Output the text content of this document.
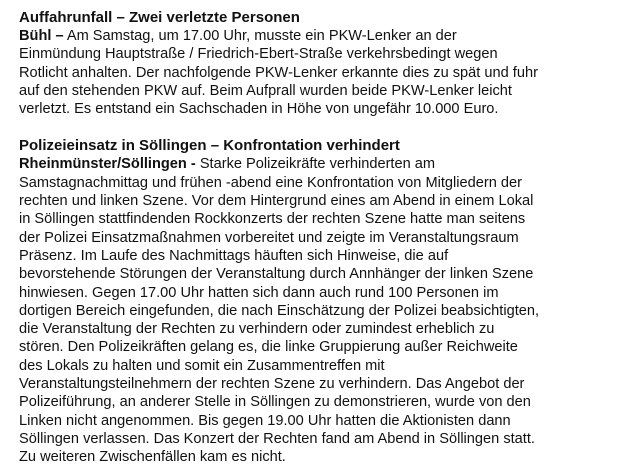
Auffahrunfall – Zwei verletzte Personen

Bühl – Am Samstag, um 17.00 Uhr, musste ein PKW-Lenker an der
Einmündung Hauptstraße / Friedrich-Ebert-Straße verkehrsbedingt wegen
Rotlicht anhalten. Der nachfolgende PKW-Lenker erkannte dies zu spät und fuhr
auf den stehenden PKW auf. Beim Aufprall wurden beide PKW-Lenker leicht
verletzt. Es entstand ein Sachschaden in Höhe von ungefähr 10.000 Euro.

Polizeieinsatz in Söllingen – Konfrontation verhindert

Rheinmünster/Söllingen - Starke Polizeikräfte verhinderten am
Samstagnachmittag und frühen -abend eine Konfrontation von Mitgliedern der
rechten und linken Szene. Vor dem Hintergrund eines am Abend in einem Lokal
in Söllingen stattfindenden Rockkonzerts der rechten Szene hatte man seitens
der Polizei Einsatzmaßnahmen vorbereitet und zeigte im Veranstaltungsraum
Präsenz. Im Laufe des Nachmittags häuften sich Hinweise, die auf
bevorstehende Störungen der Veranstaltung durch Annhänger der linken Szene
hinwiesen. Gegen 17.00 Uhr hatten sich dann auch rund 100 Personen im
dortigen Bereich eingefunden, die nach Einschätzung der Polizei beabsichtigten,
die Veranstaltung der Rechten zu verhindern oder zumindest erheblich zu
stören. Den Polizeikräften gelang es, die linke Gruppierung außer Reichweite
des Lokals zu halten und somit ein Zusammentreffen mit
Veranstaltungsteilnehmern der rechten Szene zu verhindern. Das Angebot der
Polizeiführung, an anderer Stelle in Söllingen zu demonstrieren, wurde von den
Linken nicht angenommen. Bis gegen 19.00 Uhr hatten die Aktionisten dann
Söllingen verlassen. Das Konzert der Rechten fand am Abend in Söllingen statt.
Zu weiteren Zwischenfällen kam es nicht.
